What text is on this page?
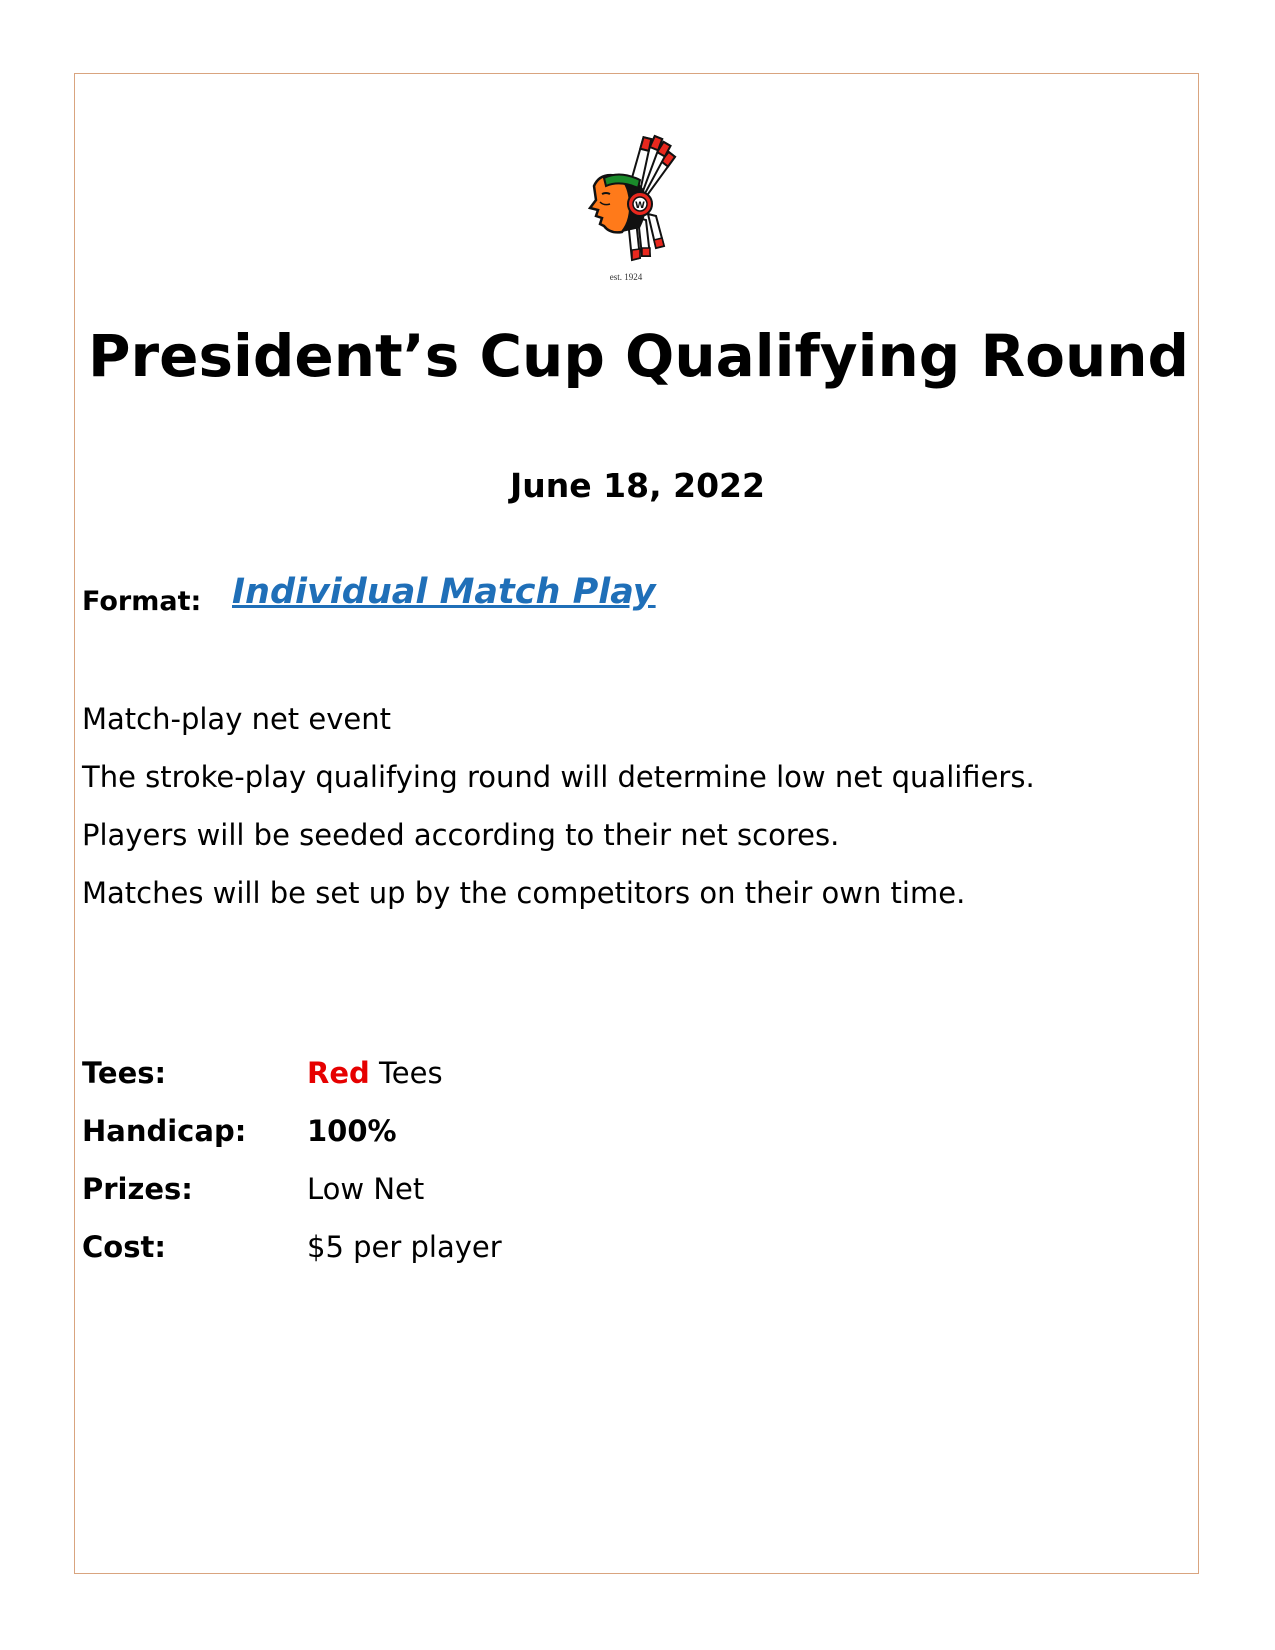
W
est. 1924
President’s Cup Qualifying Round
June 18, 2022
Format: Individual Match Play
Match-play net event
The stroke-play qualifying round will determine low net qualifiers.
Players will be seeded according to their net scores.
Matches will be set up by the competitors on their own time.
Tees:	Red Tees
Handicap: 100%
Prizes:	Low Net
Cost:	$5 per player
